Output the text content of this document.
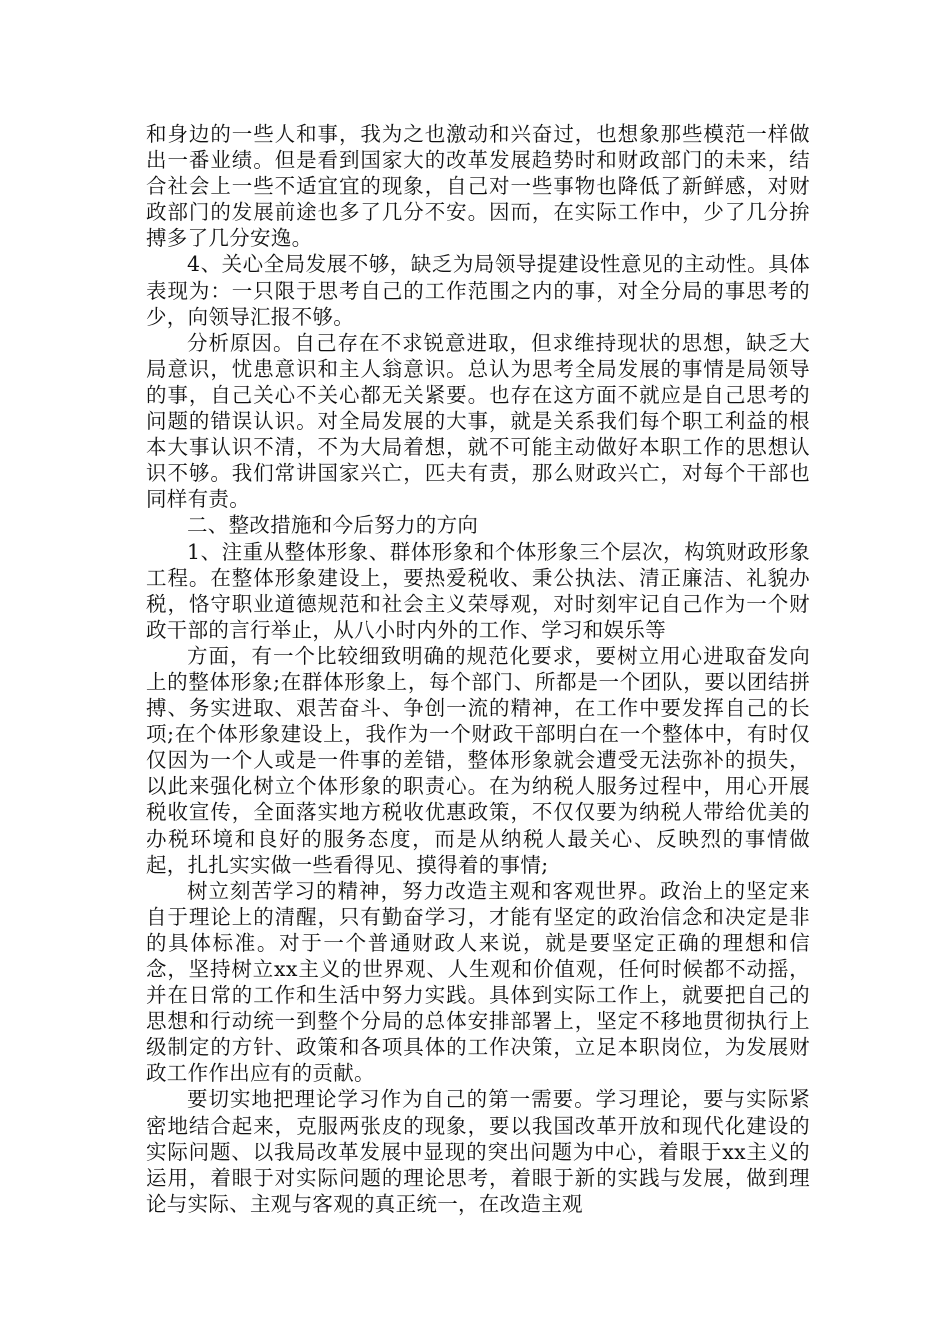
和身边的一些人和事，我为之也激动和兴奋过，也想象那些模范一样做出一番业绩。但是看到国家大的改革发展趋势时和财政部门的未来，结合社会上一些不适宜宜的现象，自己对一些事物也降低了新鲜感，对财政部门的发展前途也多了几分不安。因而，在实际工作中，少了几分拚搏多了几分安逸。

4、关心全局发展不够，缺乏为局领导提建设性意见的主动性。具体表现为：一只限于思考自己的工作范围之内的事，对全分局的事思考的少，向领导汇报不够。

分析原因。自己存在不求锐意进取，但求维持现状的思想，缺乏大局意识，忧患意识和主人翁意识。总认为思考全局发展的事情是局领导的事，自己关心不关心都无关紧要。也存在这方面不就应是自己思考的问题的错误认识。对全局发展的大事，就是关系我们每个职工利益的根本大事认识不清，不为大局着想，就不可能主动做好本职工作的思想认识不够。我们常讲国家兴亡，匹夫有责，那么财政兴亡，对每个干部也同样有责。

二、整改措施和今后努力的方向

1、注重从整体形象、群体形象和个体形象三个层次，构筑财政形象工程。在整体形象建设上，要热爱税收、秉公执法、清正廉洁、礼貌办税，恪守职业道德规范和社会主义荣辱观，对时刻牢记自己作为一个财政干部的言行举止，从八小时内外的工作、学习和娱乐等

方面，有一个比较细致明确的规范化要求，要树立用心进取奋发向上的整体形象;在群体形象上，每个部门、所都是一个团队，要以团结拼搏、务实进取、艰苦奋斗、争创一流的精神，在工作中要发挥自己的长项;在个体形象建设上，我作为一个财政干部明白在一个整体中，有时仅仅因为一个人或是一件事的差错，整体形象就会遭受无法弥补的损失，以此来强化树立个体形象的职责心。在为纳税人服务过程中，用心开展税收宣传，全面落实地方税收优惠政策，不仅仅要为纳税人带给优美的办税环境和良好的服务态度，而是从纳税人最关心、反映烈的事情做起，扎扎实实做一些看得见、摸得着的事情;

树立刻苦学习的精神，努力改造主观和客观世界。政治上的坚定来自于理论上的清醒，只有勤奋学习，才能有坚定的政治信念和决定是非的具体标准。对于一个普通财政人来说，就是要坚定正确的理想和信念，坚持树立xx主义的世界观、人生观和价值观，任何时候都不动摇，并在日常的工作和生活中努力实践。具体到实际工作上，就要把自己的思想和行动统一到整个分局的总体安排部署上，坚定不移地贯彻执行上级制定的方针、政策和各项具体的工作决策，立足本职岗位，为发展财政工作作出应有的贡献。

要切实地把理论学习作为自己的第一需要。学习理论，要与实际紧密地结合起来，克服两张皮的现象，要以我国改革开放和现代化建设的实际问题、以我局改革发展中显现的突出问题为中心，着眼于xx主义的运用，着眼于对实际问题的理论思考，着眼于新的实践与发展，做到理论与实际、主观与客观的真正统一，在改造主观
